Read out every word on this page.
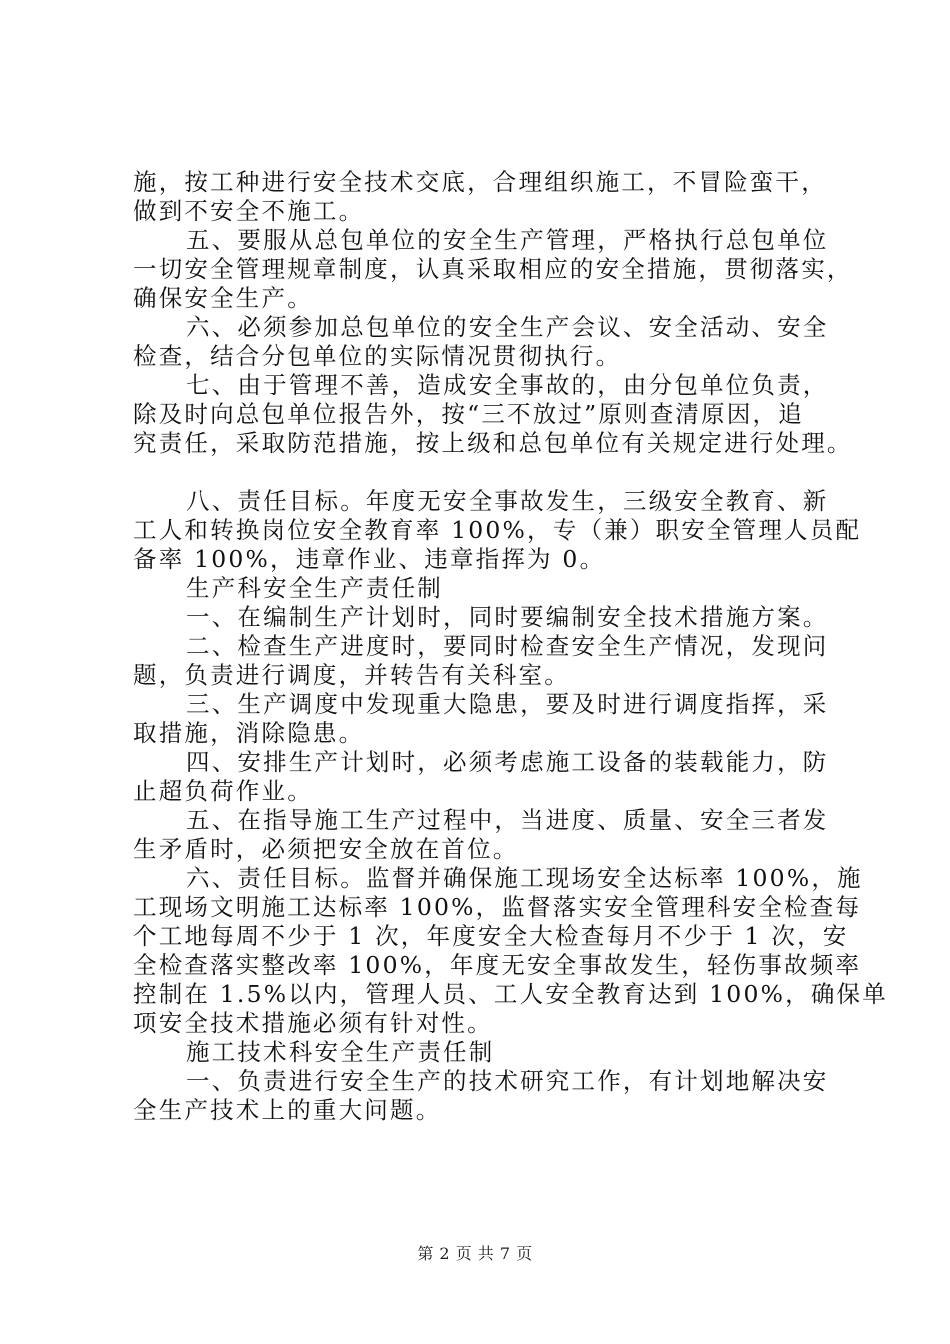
施，按工种进行安全技术交底，合理组织施工，不冒险蛮干，

做到不安全不施工。

五、要服从总包单位的安全生产管理，严格执行总包单位

一切安全管理规章制度，认真采取相应的安全措施，贯彻落实，

确保安全生产。

六、必须参加总包单位的安全生产会议、安全活动、安全

检查，结合分包单位的实际情况贯彻执行。

七、由于管理不善，造成安全事故的，由分包单位负责，

除及时向总包单位报告外，按“三不放过”原则查清原因，追

究责任，采取防范措施，按上级和总包单位有关规定进行处理。

八、责任目标。年度无安全事故发生，三级安全教育、新

工人和转换岗位安全教育率 100%，专（兼）职安全管理人员配

备率 100%，违章作业、违章指挥为 0。

生产科安全生产责任制

一、在编制生产计划时，同时要编制安全技术措施方案。

二、检查生产进度时，要同时检查安全生产情况，发现问

题，负责进行调度，并转告有关科室。

三、生产调度中发现重大隐患，要及时进行调度指挥，采

取措施，消除隐患。

四、安排生产计划时，必须考虑施工设备的装载能力，防

止超负荷作业。

五、在指导施工生产过程中，当进度、质量、安全三者发

生矛盾时，必须把安全放在首位。

六、责任目标。监督并确保施工现场安全达标率 100%，施

工现场文明施工达标率 100%，监督落实安全管理科安全检查每

个工地每周不少于 1 次，年度安全大检查每月不少于 1 次，安

全检查落实整改率 100%，年度无安全事故发生，轻伤事故频率

控制在 1.5%以内，管理人员、工人安全教育达到 100%，确保单

项安全技术措施必须有针对性。

施工技术科安全生产责任制

一、负责进行安全生产的技术研究工作，有计划地解决安

全生产技术上的重大问题。

第 2 页 共 7 页
